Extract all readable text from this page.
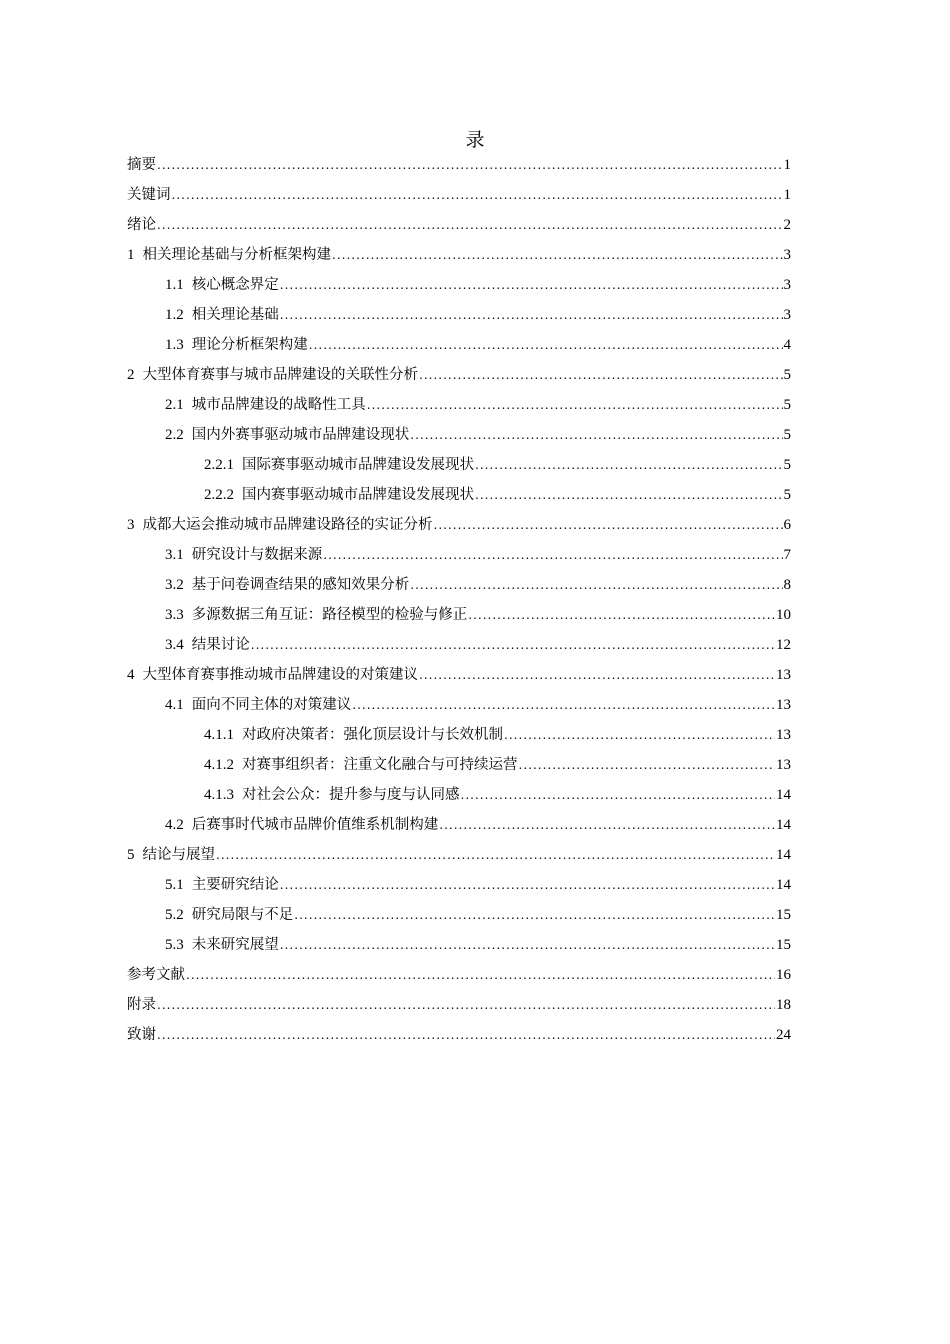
录
摘要 .....	1
关键词 .....	1
绪论 .....	2
1 相关理论基础与分析框架构建 .....	3
1.1 核心概念界定 .....	3
1.2 相关理论基础 .....	3
1.3 理论分析框架构建 .....	4
2 大型体育赛事与城市品牌建设的关联性分析 .....	5
2.1 城市品牌建设的战略性工具 .....	5
2.2 国内外赛事驱动城市品牌建设现状 .....	5
2.2.1 国际赛事驱动城市品牌建设发展现状 .....	5
2.2.2 国内赛事驱动城市品牌建设发展现状 .....	5
3 成都大运会推动城市品牌建设路径的实证分析 .....	6
3.1 研究设计与数据来源 .....	7
3.2 基于问卷调查结果的感知效果分析 .....	8
3.3 多源数据三角互证：路径模型的检验与修正 .....	10
3.4 结果讨论 .....	12
4 大型体育赛事推动城市品牌建设的对策建议 .....	13
4.1 面向不同主体的对策建议 .....	13
4.1.1 对政府决策者：强化顶层设计与长效机制 .....	13
4.1.2 对赛事组织者：注重文化融合与可持续运营 .....	13
4.1.3 对社会公众：提升参与度与认同感 .....	14
4.2 后赛事时代城市品牌价值维系机制构建 .....	14
5 结论与展望 .....	14
5.1 主要研究结论 .....	14
5.2 研究局限与不足 .....	15
5.3 未来研究展望 .....	15
参考文献 .....	16
附录 .....	18
致谢 .....	24
